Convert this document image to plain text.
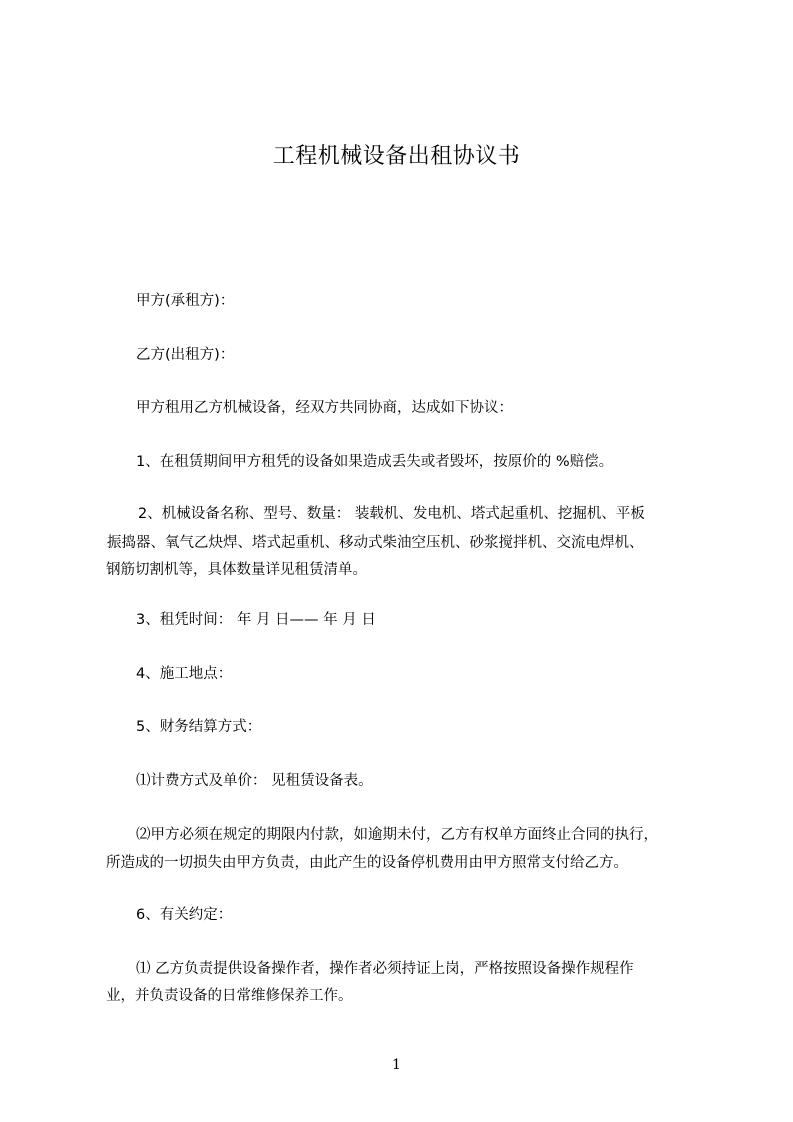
工程机械设备出租协议书
甲方(承租方)：
乙方(出租方)：
甲方租用乙方机械设备，经双方共同协商，达成如下协议：
1、在租赁期间甲方租凭的设备如果造成丢失或者毁坏，按原价的 %赔偿。
2、机械设备名称、型号、数量： 装载机、发电机、塔式起重机、挖掘机、平板
振捣器、氧气乙炔焊、塔式起重机、移动式柴油空压机、砂浆搅拌机、交流电焊机、
钢筋切割机等，具体数量详见租赁清单。
3、租凭时间： 年 月 日—— 年 月 日
4、施工地点：
5、财务结算方式：
⑴计费方式及单价： 见租赁设备表。
⑵甲方必须在规定的期限内付款，如逾期未付，乙方有权单方面终止合同的执行，
所造成的一切损失由甲方负责，由此产生的设备停机费用由甲方照常支付给乙方。
6、有关约定：
⑴ 乙方负责提供设备操作者，操作者必须持证上岗，严格按照设备操作规程作
业，并负责设备的日常维修保养工作。
1
